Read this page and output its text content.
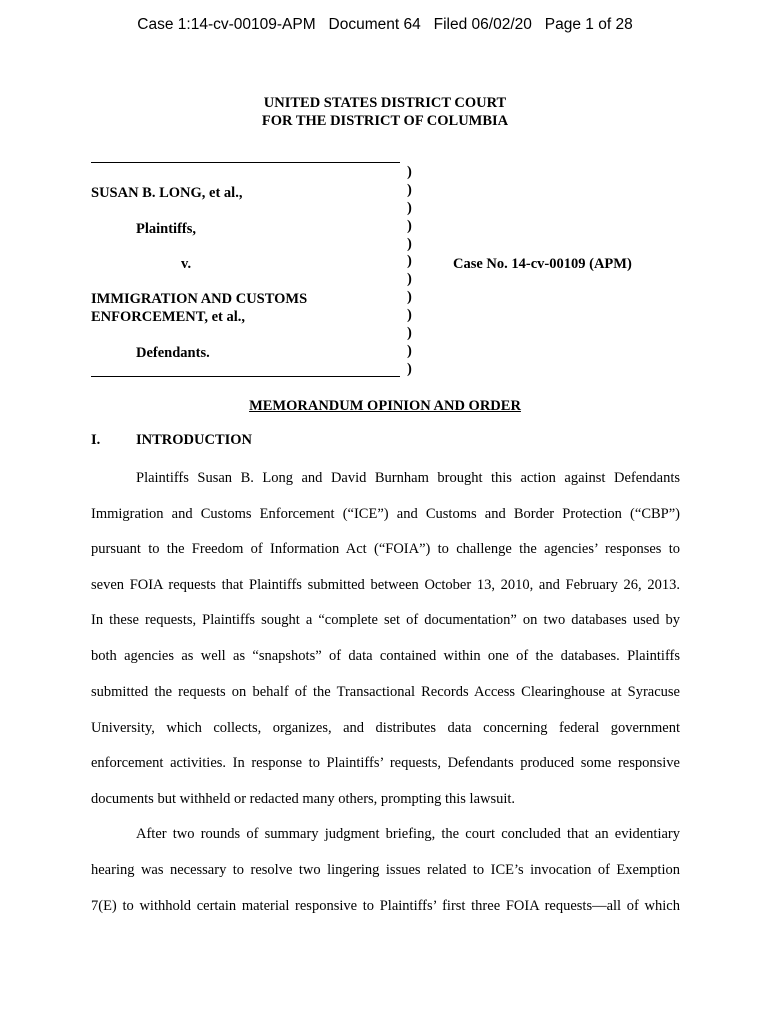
Case 1:14-cv-00109-APM   Document 64   Filed 06/02/20   Page 1 of 28
UNITED STATES DISTRICT COURT
FOR THE DISTRICT OF COLUMBIA
SUSAN B. LONG, et al.,
Plaintiffs,
v.
IMMIGRATION AND CUSTOMS
ENFORCEMENT, et al.,
Defendants.
)
)
)
)
)
)
)
)
)
)
)
)
Case No. 14-cv-00109 (APM)
MEMORANDUM OPINION AND ORDER
I. INTRODUCTION
Plaintiffs Susan B. Long and David Burnham brought this action against Defendants
Immigration and Customs Enforcement (“ICE”) and Customs and Border Protection (“CBP”)
pursuant to the Freedom of Information Act (“FOIA”) to challenge the agencies’ responses to
seven FOIA requests that Plaintiffs submitted between October 13, 2010, and February 26, 2013.
In these requests, Plaintiffs sought a “complete set of documentation” on two databases used by
both agencies as well as “snapshots” of data contained within one of the databases. Plaintiffs
submitted the requests on behalf of the Transactional Records Access Clearinghouse at Syracuse
University, which collects, organizes, and distributes data concerning federal government
enforcement activities. In response to Plaintiffs’ requests, Defendants produced some responsive
documents but withheld or redacted many others, prompting this lawsuit.
After two rounds of summary judgment briefing, the court concluded that an evidentiary
hearing was necessary to resolve two lingering issues related to ICE’s invocation of Exemption
7(E) to withhold certain material responsive to Plaintiffs’ first three FOIA requests—all of which
